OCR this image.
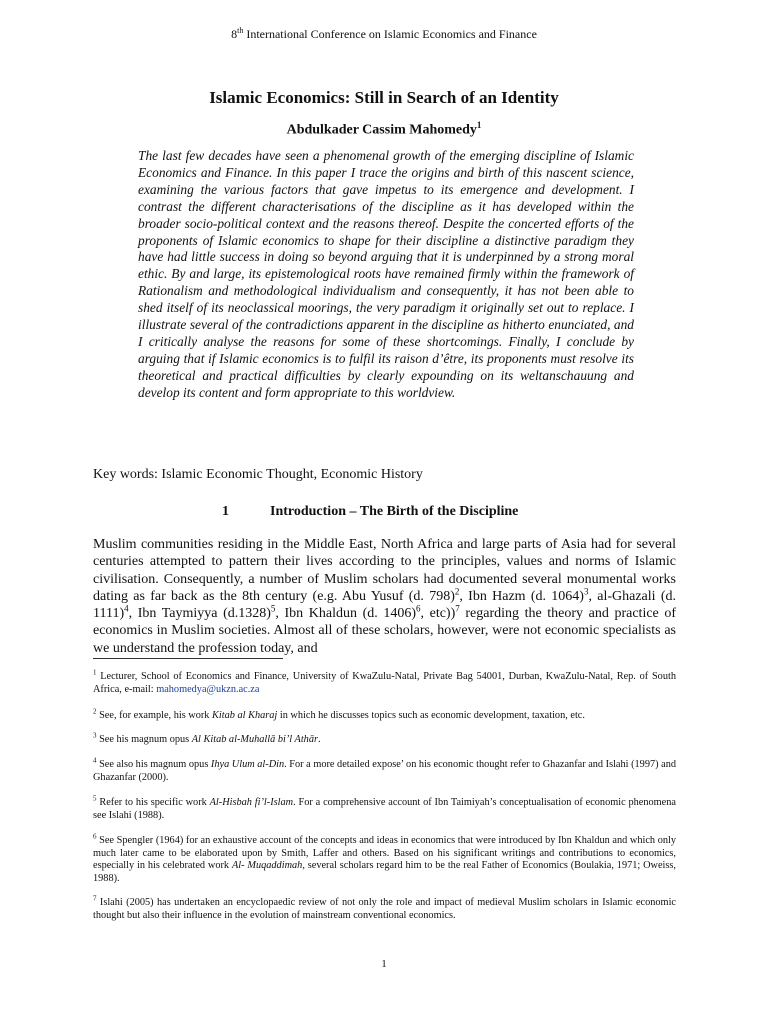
8th International Conference on Islamic Economics and Finance
Islamic Economics: Still in Search of an Identity
Abdulkader Cassim Mahomedy$^1$

The last few decades have seen a phenomenal growth of the emerging discipline of Islamic Economics and Finance. In this paper I trace the origins and birth of this nascent science, examining the various factors that gave impetus to its emergence and development. I contrast the different characterisations of the discipline as it has developed within the broader socio-political context and the reasons thereof. Despite the concerted efforts of the proponents of Islamic economics to shape for their discipline a distinctive paradigm they have had little success in doing so beyond arguing that it is underpinned by a strong moral ethic. By and large, its epistemological roots have remained firmly within the framework of Rationalism and methodological individualism and consequently, it has not been able to shed itself of its neoclassical moorings, the very paradigm it originally set out to replace. I illustrate several of the contradictions apparent in the discipline as hitherto enunciated, and I critically analyse the reasons for some of these shortcomings. Finally, I conclude by arguing that if Islamic economics is to fulfil its raison d’être, its proponents must resolve its theoretical and practical difficulties by clearly expounding on its weltanschauung and develop its content and form appropriate to this worldview.

Key words: Islamic Economic Thought, Economic History

1	Introduction – The Birth of the Discipline

Muslim communities residing in the Middle East, North Africa and large parts of Asia had for several centuries attempted to pattern their lives according to the principles, values and norms of Islamic civilisation. Consequently, a number of Muslim scholars had documented several monumental works dating as far back as the 8th century (e.g. Abu Yusuf (d. 798)$^2$, Ibn Hazm (d. 1064)$^3$, al-Ghazali (d. 1111)$^4$, Ibn Taymiyya $(d.1328)^5$, Ibn Khaldun (d. 1406)$^6$, etc))$^7$ regarding the theory and practice of economics in Muslim societies. Almost all of these scholars, however, were not economic specialists as we understand the profession today, and

$^1$ Lecturer, School of Economics and Finance, University of KwaZulu-Natal, Private Bag 54001, Durban, KwaZulu-Natal, Rep. of South Africa, e-mail: mahomedya@ukzn.ac.za

$^2$ See, for example, his work Kitab al Kharaj in which he discusses topics such as economic development, taxation, etc.

$^3$ See his magnum opus Al Kitab al-Muhallā bi’l Athār.

$^4$ See also his magnum opus Ihya Ulum al-Din. For a more detailed expose’ on his economic thought refer to Ghazanfar and Islahi (1997) and Ghazanfar (2000).

$^5$ Refer to his specific work Al-Hisbah fi’l-Islam. For a comprehensive account of Ibn Taimiyah’s conceptualisation of economic phenomena see Islahi (1988).

$^6$ See Spengler (1964) for an exhaustive account of the concepts and ideas in economics that were introduced by Ibn Khaldun and which only much later came to be elaborated upon by Smith, Laffer and others. Based on his significant writings and contributions to economics, especially in his celebrated work Al- Muqaddimah, several scholars regard him to be the real Father of Economics (Boulakia, 1971; Oweiss, 1988).

$^7$ Islahi (2005) has undertaken an encyclopaedic review of not only the role and impact of medieval Muslim scholars in Islamic economic thought but also their influence in the evolution of mainstream conventional economics.

1
